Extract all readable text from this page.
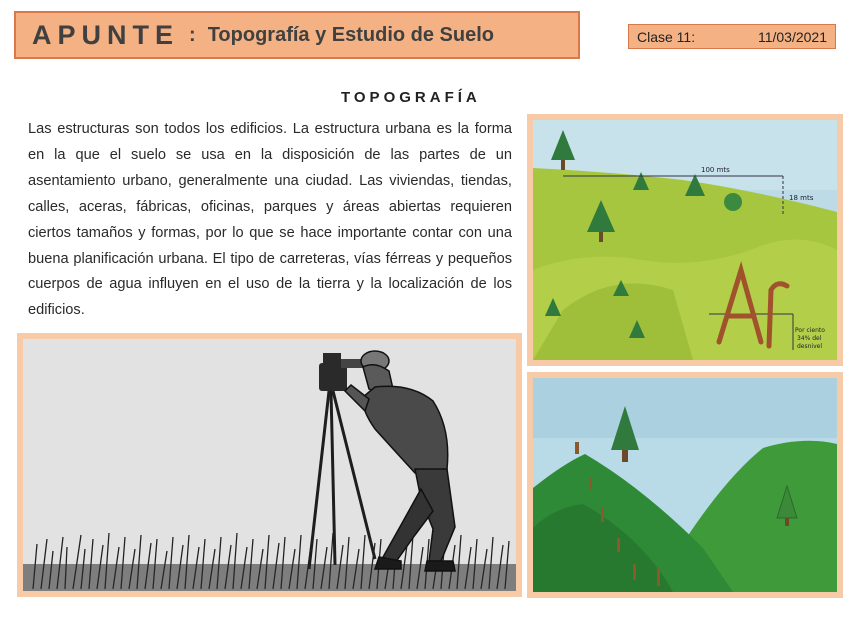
APUNTE : Topografía y Estudio de Suelo	Clase 11:	11/03/2021
TOPOGRAFÍA
Las estructuras son todos los edificios. La estructura urbana es la forma en la que el suelo se usa en la disposición de las partes de un asentamiento urbano, generalmente una ciudad. Las viviendas, tiendas, calles, aceras, fábricas, oficinas, parques y áreas abiertas requieren ciertos tamaños y formas, por lo que se hace importante contar con una buena planificación urbana. El tipo de carreteras, vías férreas y pequeños cuerpos de agua influyen en el uso de la tierra y la localización de los edificios.
100 mts
18 mts
Por ciento
34% del
desnivel
